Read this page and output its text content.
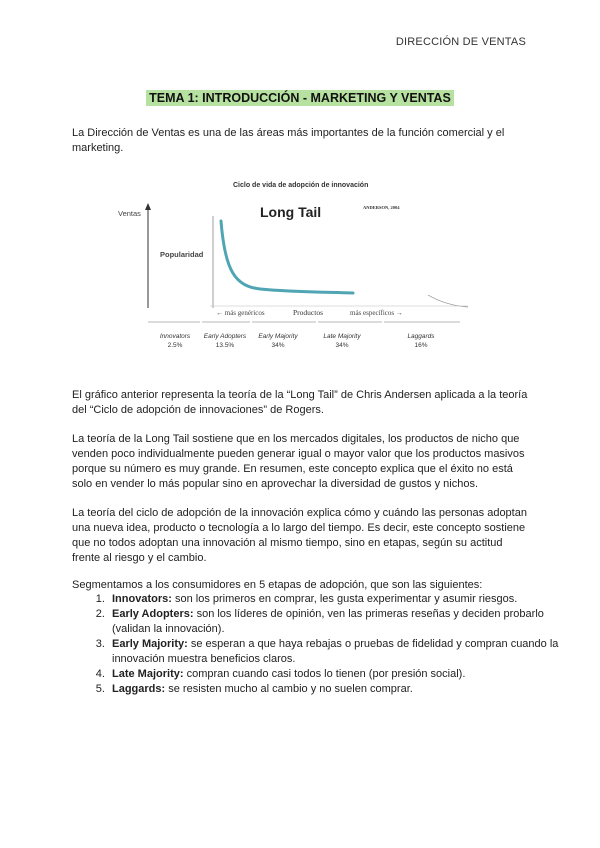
DIRECCIÓN DE VENTAS
TEMA 1: INTRODUCCIÓN - MARKETING Y VENTAS
La Dirección de Ventas es una de las áreas más importantes de la función comercial y el marketing.
Ciclo de vida de adopción de innovación
Ventas
Popularidad
Long Tail	ANDERSON, 2004
← más genéricos	Productos	más específicos →
Innovators
2.5%
Early Adopters
13.5%
Early Majority
34%
Late Majority
34%
Laggards
16%
El gráfico anterior representa la teoría de la “Long Tail” de Chris Andersen aplicada a la teoría del “Ciclo de adopción de innovaciones” de Rogers.
La teoría de la Long Tail sostiene que en los mercados digitales, los productos de nicho que venden poco individualmente pueden generar igual o mayor valor que los productos masivos porque su número es muy grande. En resumen, este concepto explica que el éxito no está solo en vender lo más popular sino en aprovechar la diversidad de gustos y nichos.
La teoría del ciclo de adopción de la innovación explica cómo y cuándo las personas adoptan una nueva idea, producto o tecnología a lo largo del tiempo. Es decir, este concepto sostiene que no todos adoptan una innovación al mismo tiempo, sino en etapas, según su actitud frente al riesgo y el cambio.
Segmentamos a los consumidores en 5 etapas de adopción, que son las siguientes:
1. Innovators: son los primeros en comprar, les gusta experimentar y asumir riesgos.
2. Early Adopters: son los líderes de opinión, ven las primeras reseñas y deciden probarlo (validan la innovación).
3. Early Majority: se esperan a que haya rebajas o pruebas de fidelidad y compran cuando la innovación muestra beneficios claros.
4. Late Majority: compran cuando casi todos lo tienen (por presión social).
5. Laggards: se resisten mucho al cambio y no suelen comprar.
